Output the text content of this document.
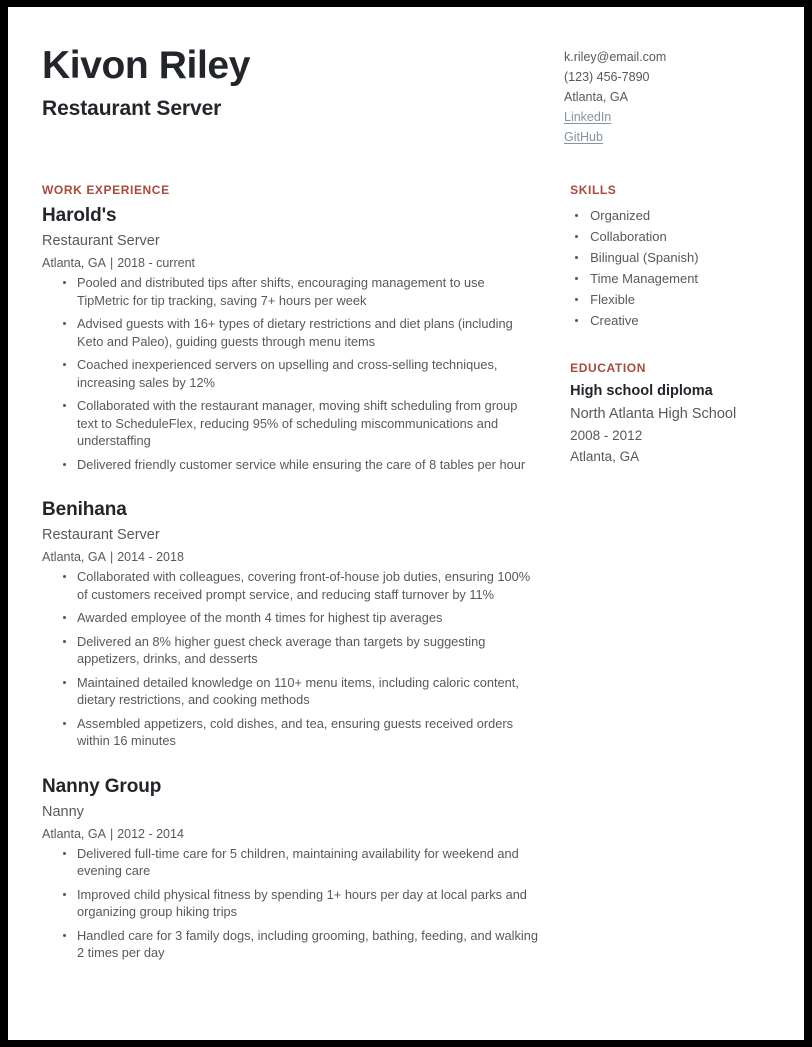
Kivon Riley
Restaurant Server
k.riley@email.com
(123) 456-7890
Atlanta, GA
LinkedIn
GitHub
WORK EXPERIENCE
Harold's
Restaurant Server
Atlanta, GA | 2018 - current
Pooled and distributed tips after shifts, encouraging management to use TipMetric for tip tracking, saving 7+ hours per week
Advised guests with 16+ types of dietary restrictions and diet plans (including Keto and Paleo), guiding guests through menu items
Coached inexperienced servers on upselling and cross-selling techniques, increasing sales by 12%
Collaborated with the restaurant manager, moving shift scheduling from group text to ScheduleFlex, reducing 95% of scheduling miscommunications and understaffing
Delivered friendly customer service while ensuring the care of 8 tables per hour
Benihana
Restaurant Server
Atlanta, GA | 2014 - 2018
Collaborated with colleagues, covering front-of-house job duties, ensuring 100% of customers received prompt service, and reducing staff turnover by 11%
Awarded employee of the month 4 times for highest tip averages
Delivered an 8% higher guest check average than targets by suggesting appetizers, drinks, and desserts
Maintained detailed knowledge on 110+ menu items, including caloric content, dietary restrictions, and cooking methods
Assembled appetizers, cold dishes, and tea, ensuring guests received orders within 16 minutes
Nanny Group
Nanny
Atlanta, GA | 2012 - 2014
Delivered full-time care for 5 children, maintaining availability for weekend and evening care
Improved child physical fitness by spending 1+ hours per day at local parks and organizing group hiking trips
Handled care for 3 family dogs, including grooming, bathing, feeding, and walking 2 times per day
SKILLS
Organized
Collaboration
Bilingual (Spanish)
Time Management
Flexible
Creative
EDUCATION
High school diploma
North Atlanta High School
2008 - 2012
Atlanta, GA
